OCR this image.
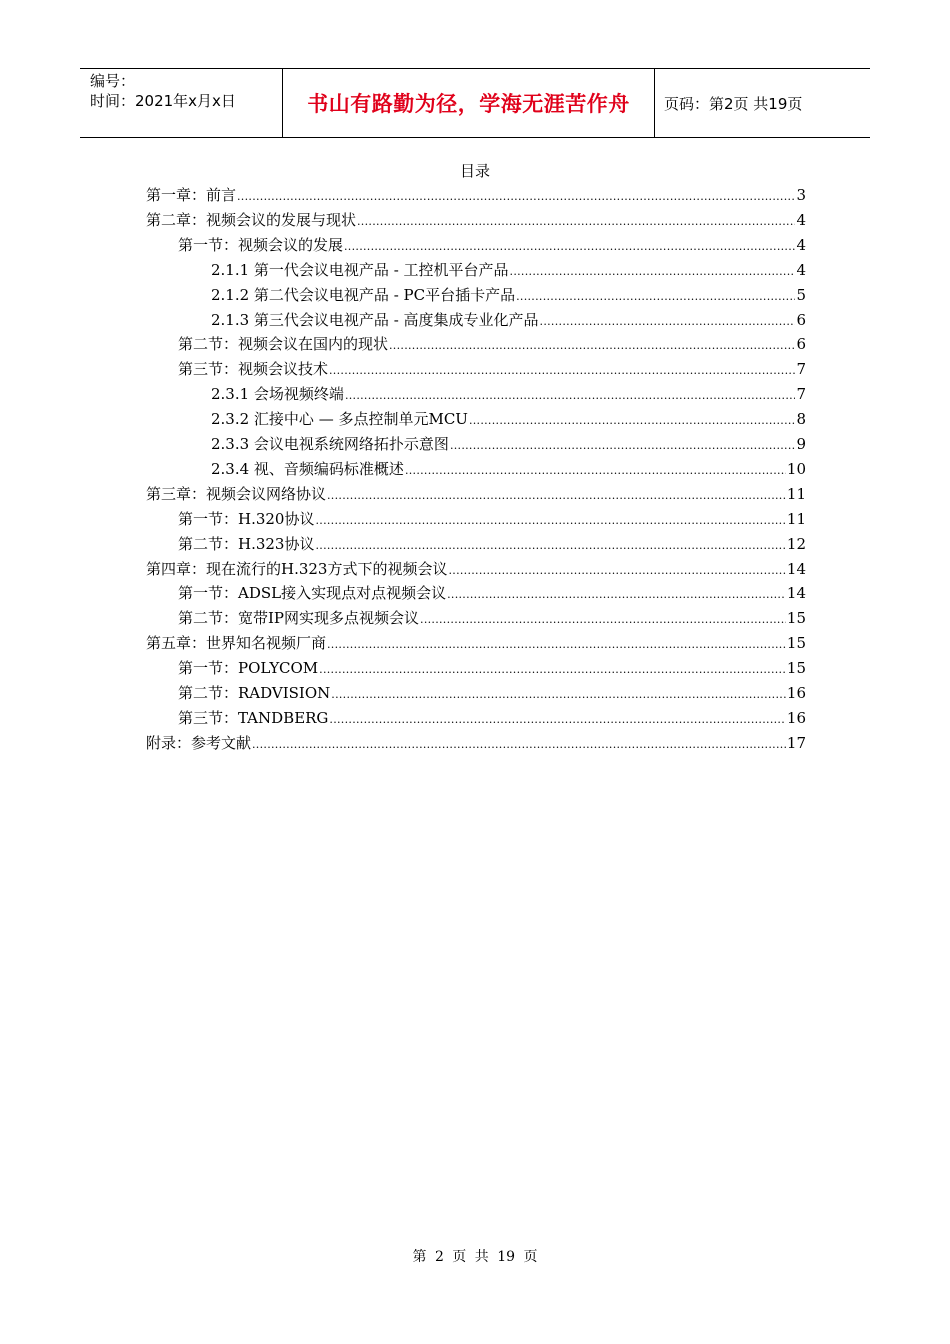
编号：
时间：2021年x月x日	书山有路勤为径，学海无涯苦作舟 页码：第2页 共19页
目录
第一章：前言 .....	3
第二章：视频会议的发展与现状 .....	4
第一节：视频会议的发展 .....	4
2.1.1 第一代会议电视产品 - 工控机平台产品 .....	4
2.1.2 第二代会议电视产品 - PC平台插卡产品 .....	5
2.1.3 第三代会议电视产品 - 高度集成专业化产品 .....	6
第二节：视频会议在国内的现状 .....	6
第三节：视频会议技术 .....	7
2.3.1 会场视频终端 .....	7
2.3.2 汇接中心 — 多点控制单元MCU .....	8
2.3.3 会议电视系统网络拓扑示意图 .....	9
2.3.4 视、音频编码标准概述 .....	10
第三章：视频会议网络协议 .....	11
第一节：H.320协议 .....	11
第二节：H.323协议 .....	12
第四章：现在流行的H.323方式下的视频会议 .....	14
第一节：ADSL接入实现点对点视频会议 .....	14
第二节：宽带IP网实现多点视频会议 .....	15
第五章：世界知名视频厂商 .....	15
第一节：POLYCOM .....	15
第二节：RADVISION .....	16
第三节：TANDBERG .....	16
附录：参考文献 .....	17
第 2 页 共 19 页
